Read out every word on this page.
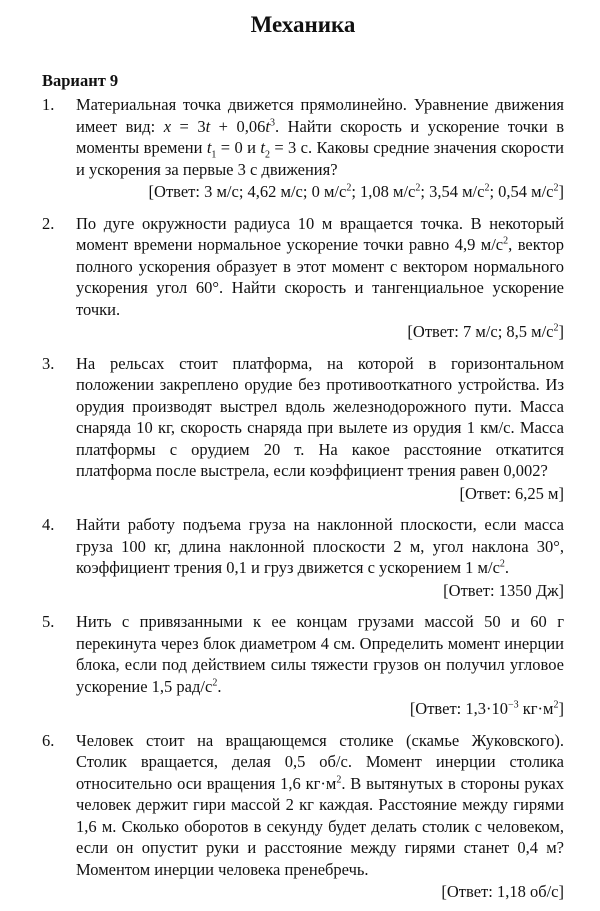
Механика
Вариант 9
1.	Материальная точка движется прямолинейно. Уравнение движения имеет вид: $x = 3t + 0,06t^3$. Найти скорость и ускорение точки в моменты времени $t_1 = 0$ и $t_2 = 3$ с. Каковы средние значения скорости и ускорения за первые 3 с движения?
[Ответ: 3 м/с; 4,62 м/с; 0 $м/с^2$; 1,08 $м/с^2$; 3,54 $м/с^2$; 0,54 $м/с^2$]
2.	По дуге окружности радиуса 10 м вращается точка. В некоторый момент времени нормальное ускорение точки равно 4,9 $м/с^2$, вектор полного ускорения образует в этот момент с вектором нормального ускорения угол 60°. Найти скорость и тангенциальное ускорение точки.
[Ответ: 7 м/с; 8,5 $м/с^2$]
3.	На рельсах стоит платформа, на которой в горизонтальном положении закреплено орудие без противооткатного устройства. Из орудия производят выстрел вдоль железнодорожного пути. Масса снаряда 10 кг, скорость снаряда при вылете из орудия 1 км/с. Масса платформы с орудием 20 т. На какое расстояние откатится платформа после выстрела, если коэффициент трения равен 0,002?
[Ответ: 6,25 м]
4.	Найти работу подъема груза на наклонной плоскости, если масса груза 100 кг, длина наклонной плоскости 2 м, угол наклона 30°, коэффициент трения 0,1 и груз движется с ускорением 1 $м/с^2$.
[Ответ: 1350 Дж]
5.	Нить с привязанными к ее концам грузами массой 50 и 60 г перекинута через блок диаметром 4 см. Определить момент инерции блока, если под действием силы тяжести грузов он получил угловое ускорение 1,5 рад/$с^2$.
[Ответ: $1,3\cdot 10^{-3}$ $кг\cdot м^2$]
6.	Человек стоит на вращающемся столике (скамье Жуковского). Столик вращается, делая 0,5 об/с. Момент инерции столика относительно оси вращения 1,6 $кг\cdot м^2$. В вытянутых в стороны руках человек держит гири массой 2 кг каждая. Расстояние между гирями 1,6 м. Сколько оборотов в секунду будет делать столик с человеком, если он опустит руки и расстояние между гирями станет 0,4 м? Моментом инерции человека пренебречь.
[Ответ: 1,18 об/с]
